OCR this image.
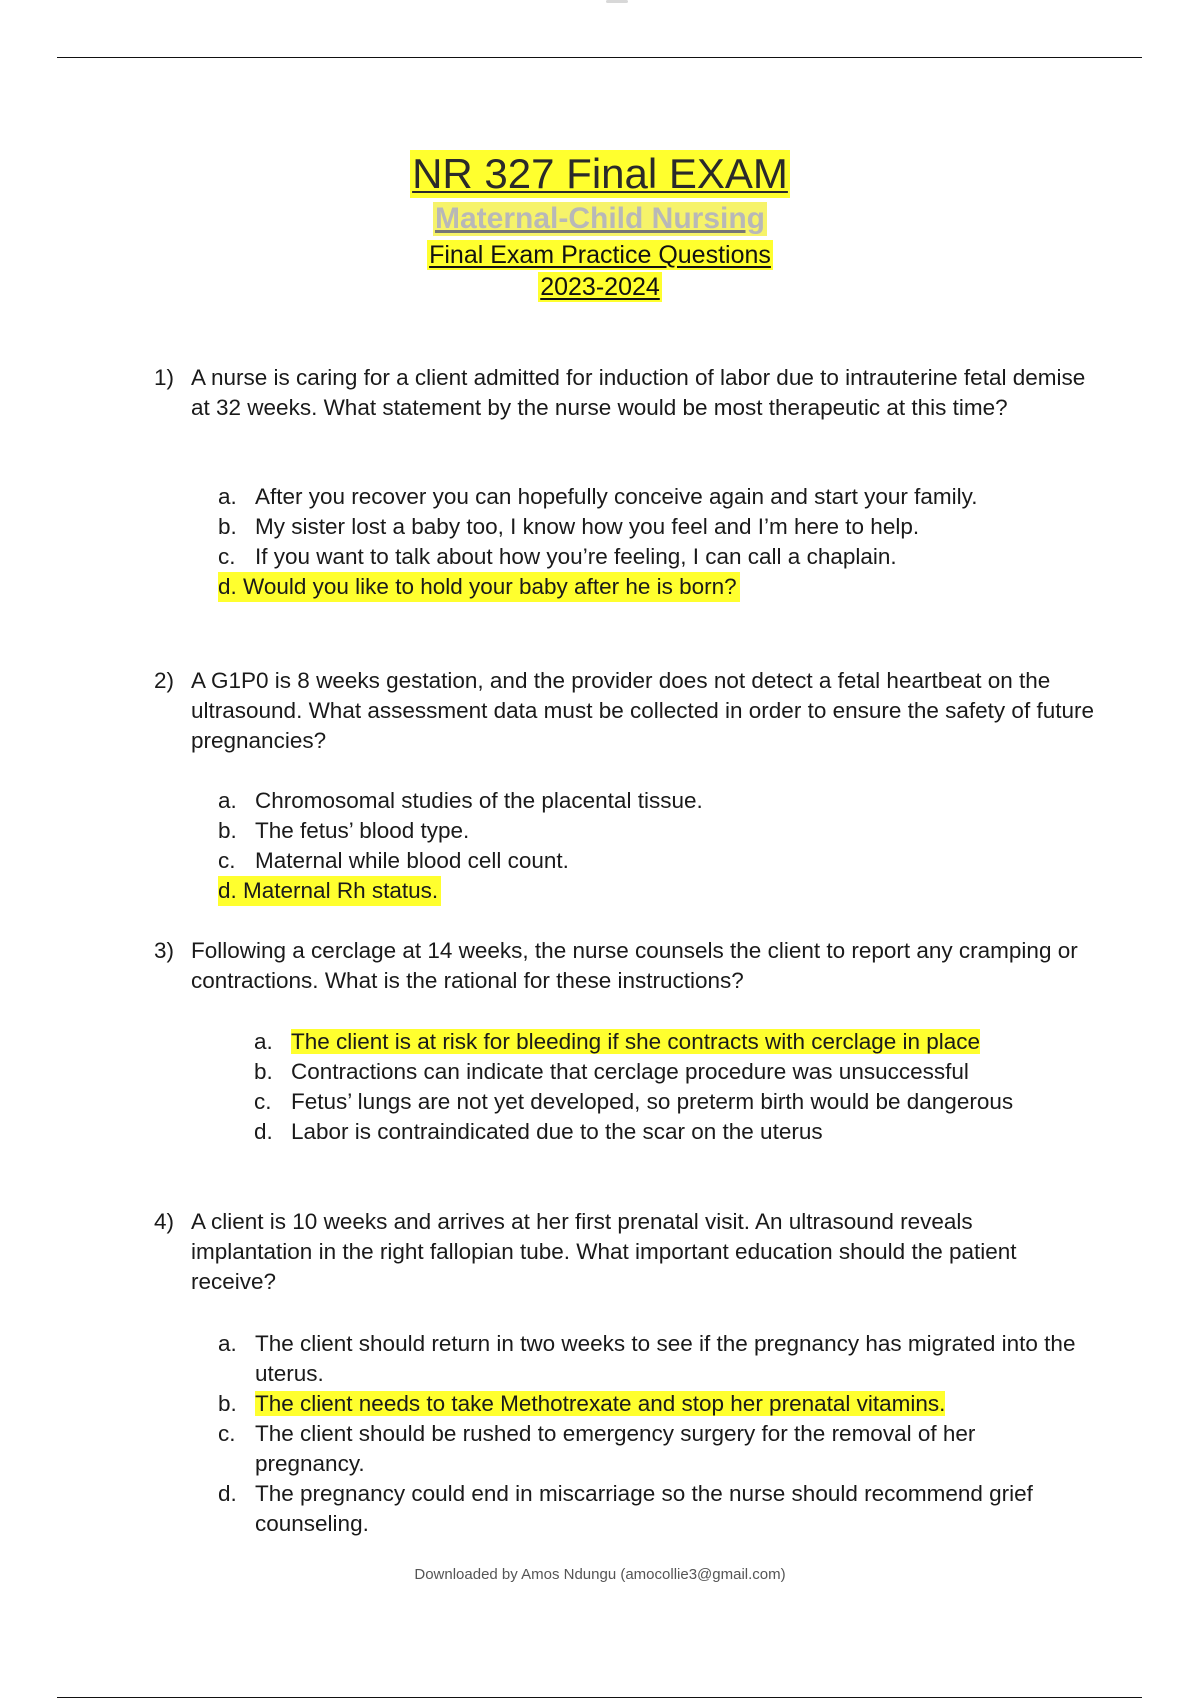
NR 327 Final EXAM
Maternal-Child Nursing
Final Exam Practice Questions
2023-2024
1) A nurse is caring for a client admitted for induction of labor due to intrauterine fetal demise at 32 weeks. What statement by the nurse would be most therapeutic at this time?
a. After you recover you can hopefully conceive again and start your family.
b. My sister lost a baby too, I know how you feel and I’m here to help.
c. If you want to talk about how you’re feeling, I can call a chaplain.
d. Would you like to hold your baby after he is born?
2) A G1P0 is 8 weeks gestation, and the provider does not detect a fetal heartbeat on the ultrasound. What assessment data must be collected in order to ensure the safety of future pregnancies?
a. Chromosomal studies of the placental tissue.
b. The fetus’ blood type.
c. Maternal while blood cell count.
d. Maternal Rh status.
3) Following a cerclage at 14 weeks, the nurse counsels the client to report any cramping or contractions. What is the rational for these instructions?
a. The client is at risk for bleeding if she contracts with cerclage in place
b. Contractions can indicate that cerclage procedure was unsuccessful
c. Fetus’ lungs are not yet developed, so preterm birth would be dangerous
d. Labor is contraindicated due to the scar on the uterus
4) A client is 10 weeks and arrives at her first prenatal visit. An ultrasound reveals implantation in the right fallopian tube. What important education should the patient receive?
a. The client should return in two weeks to see if the pregnancy has migrated into the uterus.
b. The client needs to take Methotrexate and stop her prenatal vitamins.
c. The client should be rushed to emergency surgery for the removal of her pregnancy.
d. The pregnancy could end in miscarriage so the nurse should recommend grief counseling.
Downloaded by Amos Ndungu (amocollie3@gmail.com)
